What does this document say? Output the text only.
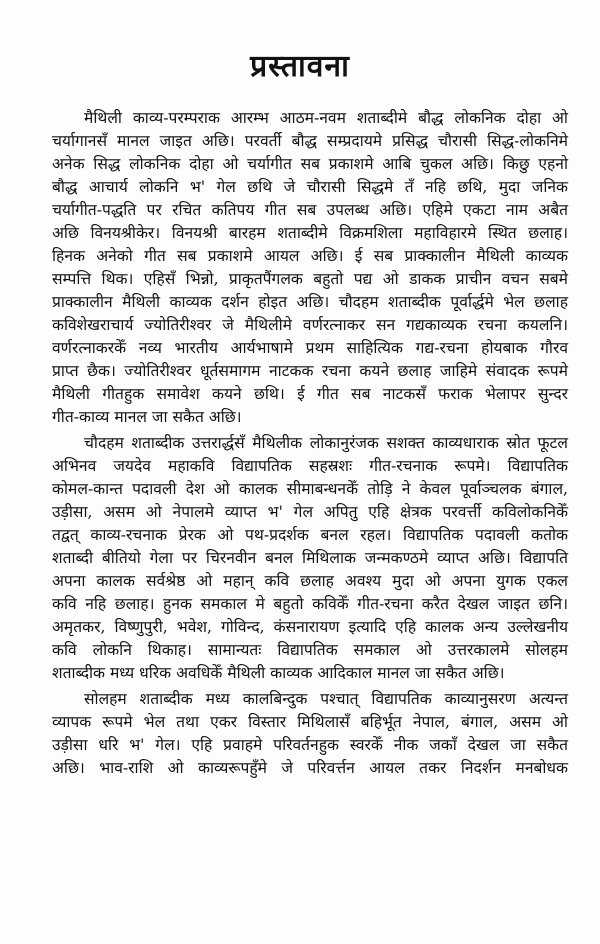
प्रस्तावना
मैथिली काव्य-परम्पराक आरम्भ आठम-नवम शताब्दीमे बौद्ध लोकनिक दोहा ओ
चर्यागानसँ मानल जाइत अछि। परवर्ती बौद्ध सम्प्रदायमे प्रसिद्ध चौरासी सिद्ध-लोकनिमे
अनेक सिद्ध लोकनिक दोहा ओ चर्यागीत सब प्रकाशमे आबि चुकल अछि। किछु एहनो
बौद्ध आचार्य लोकनि भ' गेल छथि जे चौरासी सिद्धमे तँ नहि छथि, मुदा जनिक
चर्यागीत-पद्धति पर रचित कतिपय गीत सब उपलब्ध अछि। एहिमे एकटा नाम अबैत
अछि विनयश्रीकेर। विनयश्री बारहम शताब्दीमे विक्रमशिला महाविहारमे स्थित छलाह।
हिनक अनेको गीत सब प्रकाशमे आयल अछि। ई सब प्राक्कालीन मैथिली काव्यक
सम्पत्ति थिक। एहिसँ भिन्नो, प्राकृतपैंगलक बहुतो पद्य ओ डाकक प्राचीन वचन सबमे
प्राक्कालीन मैथिली काव्यक दर्शन होइत अछि। चौदहम शताब्दीक पूर्वार्द्धमे भेल छलाह
कविशेखराचार्य ज्योतिरीश्वर जे मैथिलीमे वर्णरत्नाकर सन गद्यकाव्यक रचना कयलनि।
वर्णरत्नाकरकेँ नव्य भारतीय आर्यभाषामे प्रथम साहित्यिक गद्य-रचना होयबाक गौरव
प्राप्त छैक। ज्योतिरीश्वर धूर्तसमागम नाटकक रचना कयने छलाह जाहिमे संवादक रूपमे
मैथिली गीतहुक समावेश कयने छथि। ई गीत सब नाटकसँ फराक भेलापर सुन्दर
गीत-काव्य मानल जा सकैत अछि।
चौदहम शताब्दीक उत्तरार्द्धसँ मैथिलीक लोकानुरंजक सशक्त काव्यधाराक स्रोत फूटल
अभिनव जयदेव महाकवि विद्यापतिक सहस्रशः गीत-रचनाक रूपमे। विद्यापतिक
कोमल-कान्त पदावली देश ओ कालक सीमाबन्धनकेँ तोड़ि ने केवल पूर्वाञ्चलक बंगाल,
उड़ीसा, असम ओ नेपालमे व्याप्त भ' गेल अपितु एहि क्षेत्रक परवर्त्ती कविलोकनिकेँ
तद्वत् काव्य-रचनाक प्रेरक ओ पथ-प्रदर्शक बनल रहल। विद्यापतिक पदावली कतोक
शताब्दी बीतियो गेला पर चिरनवीन बनल मिथिलाक जन्मकण्ठमे व्याप्त अछि। विद्यापति
अपना कालक सर्वश्रेष्ठ ओ महान् कवि छलाह अवश्य मुदा ओ अपना युगक एकल
कवि नहि छलाह। हुनक समकाल मे बहुतो कविकेँ गीत-रचना करैत देखल जाइत छनि।
अमृतकर, विष्णुपुरी, भवेश, गोविन्द, कंसनारायण इत्यादि एहि कालक अन्य उल्लेखनीय
कवि लोकनि थिकाह। सामान्यतः विद्यापतिक समकाल ओ उत्तरकालमे सोलहम
शताब्दीक मध्य धरिक अवधिकेँ मैथिली काव्यक आदिकाल मानल जा सकैत अछि।
सोलहम शताब्दीक मध्य कालबिन्दुक पश्चात् विद्यापतिक काव्यानुसरण अत्यन्त
व्यापक रूपमे भेल तथा एकर विस्तार मिथिलासँ बहिर्भूत नेपाल, बंगाल, असम ओ
उड़ीसा धरि भ' गेल। एहि प्रवाहमे परिवर्तनहुक स्वरकेँ नीक जकाँ देखल जा सकैत
अछि। भाव-राशि ओ काव्यरूपहुँमे जे परिवर्त्तन आयल तकर निदर्शन मनबोधक
